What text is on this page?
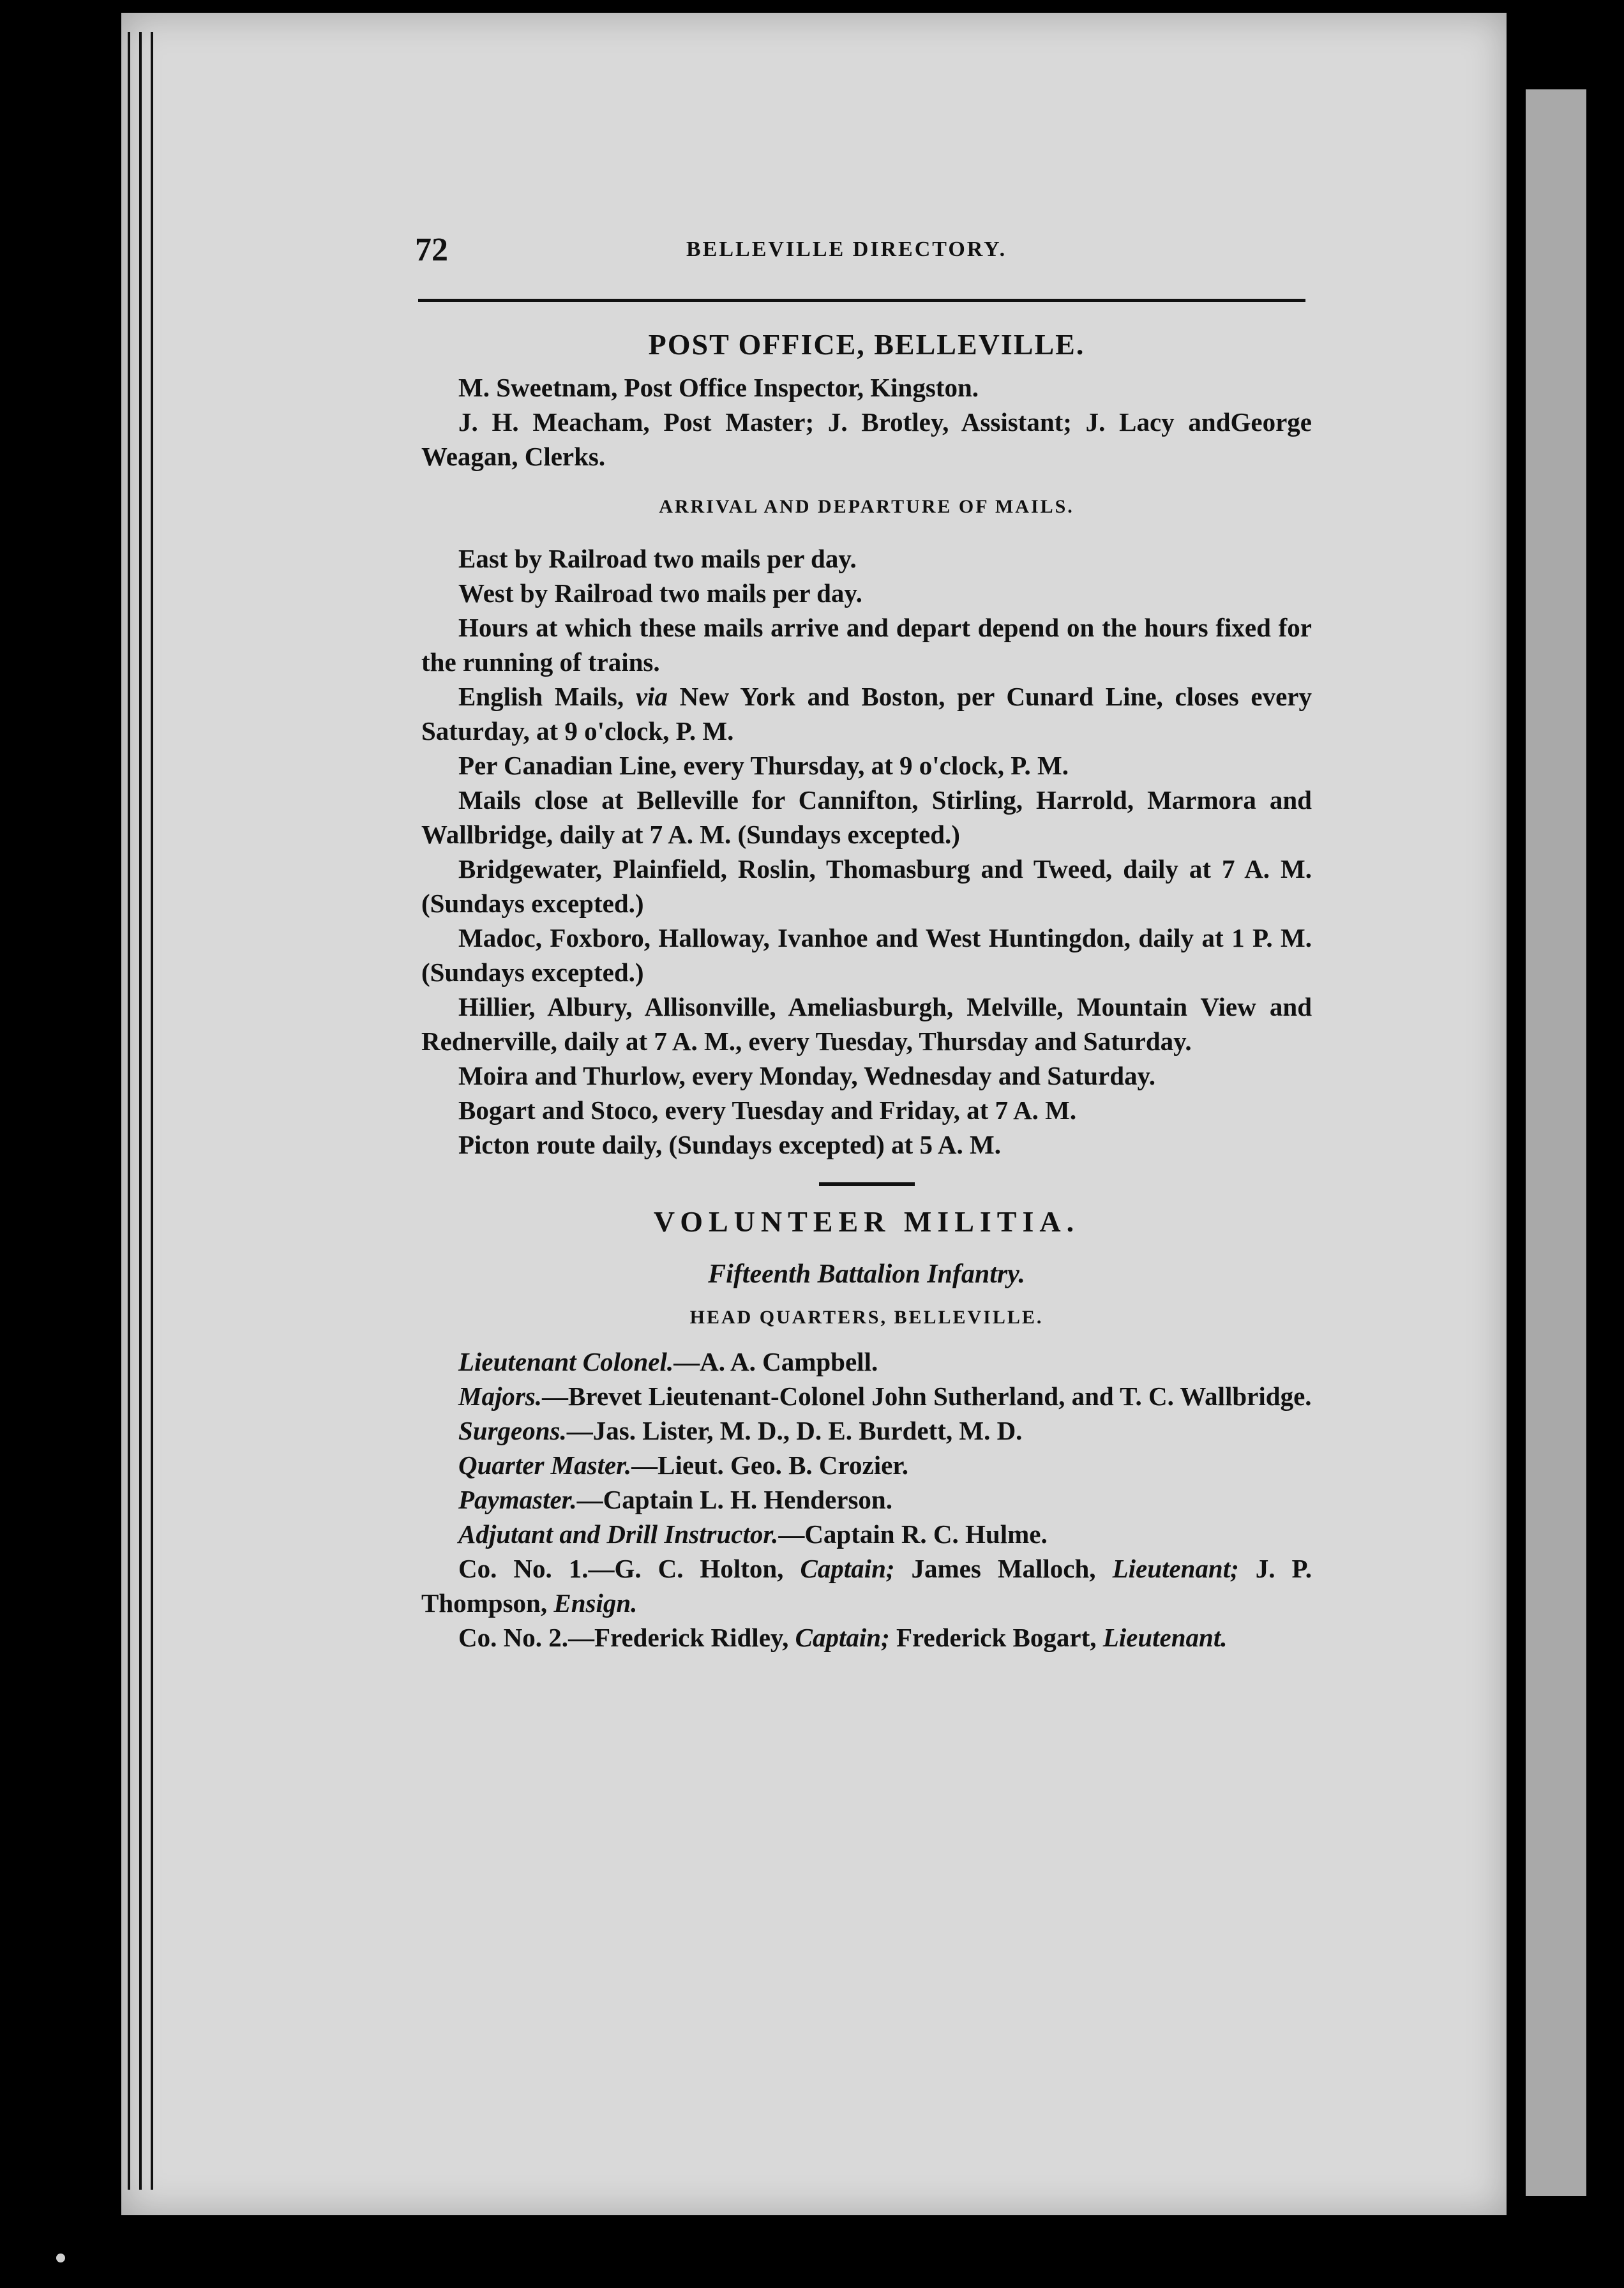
72	BELLEVILLE DIRECTORY.
POST OFFICE, BELLEVILLE.

M. Sweetnam, Post Office Inspector, Kingston.

J. H. Meacham, Post Master; J. Brotley, Assistant; J. Lacy andGeorge Weagan, Clerks.

ARRIVAL AND DEPARTURE OF MAILS.

East by Railroad two mails per day.

West by Railroad two mails per day.

Hours at which these mails arrive and depart depend on the hours fixed for the running of trains.

English Mails, via New York and Boston, per Cunard Line, closes every Saturday, at 9 o'clock, P. M.

Per Canadian Line, every Thursday, at 9 o'clock, P. M.

Mails close at Belleville for Cannifton, Stirling, Harrold, Marmora and Wallbridge, daily at 7 A. M. (Sundays excepted.)

Bridgewater, Plainfield, Roslin, Thomasburg and Tweed, daily at 7 A. M. (Sundays excepted.)

Madoc, Foxboro, Halloway, Ivanhoe and West Huntingdon, daily at 1 P. M. (Sundays excepted.)

Hillier, Albury, Allisonville, Ameliasburgh, Melville, Mountain View and Rednerville, daily at 7 A. M., every Tuesday, Thursday and Saturday.

Moira and Thurlow, every Monday, Wednesday and Saturday.

Bogart and Stoco, every Tuesday and Friday, at 7 A. M.

Picton route daily, (Sundays excepted) at 5 A. M.

VOLUNTEER MILITIA.
Fifteenth Battalion Infantry.
HEAD QUARTERS, BELLEVILLE.

Lieutenant Colonel.—A. A. Campbell.

Majors.—Brevet Lieutenant-Colonel John Sutherland, and T. C. Wallbridge.

Surgeons.—Jas. Lister, M. D., D. E. Burdett, M. D.

Quarter Master.—Lieut. Geo. B. Crozier.

Paymaster.—Captain L. H. Henderson.

Adjutant and Drill Instructor.—Captain R. C. Hulme.

Co. No. 1.—G. C. Holton, Captain; James Malloch, Lieutenant; J. P. Thompson, Ensign.

Co. No. 2.—Frederick Ridley, Captain; Frederick Bogart, Lieutenant.
